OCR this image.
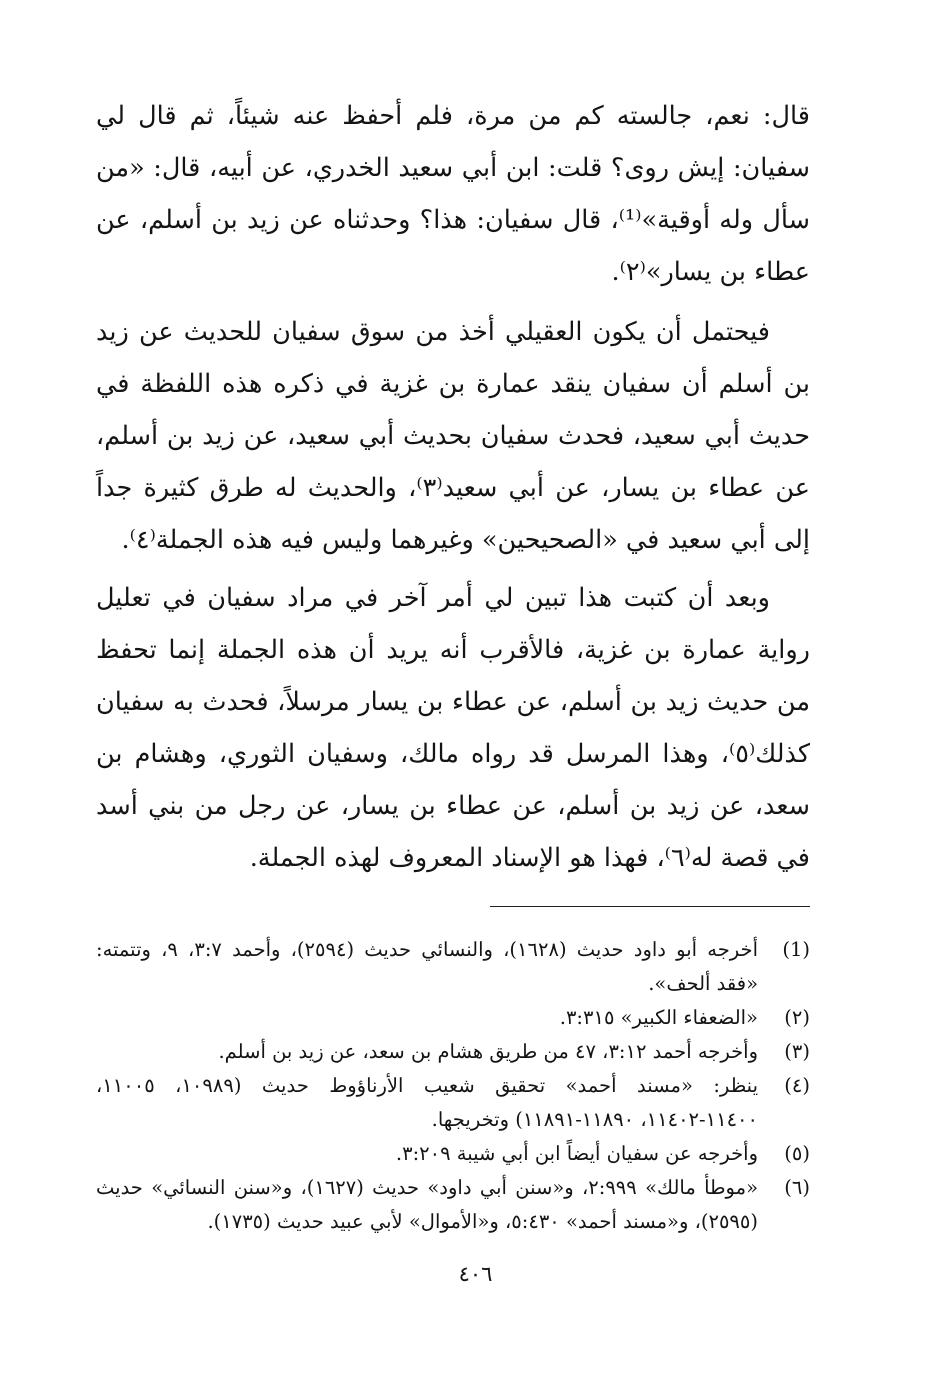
قال: نعم، جالسته كم من مرة، فلم أحفظ عنه شيئاً، ثم قال لي سفيان: إيش روى؟ قلت: ابن أبي سعيد الخدري، عن أبيه، قال: «من سأل وله أوقية»⁽¹⁾، قال سفيان: هذا؟ وحدثناه عن زيد بن أسلم، عن عطاء بن يسار»⁽٢⁾.

فيحتمل أن يكون العقيلي أخذ من سوق سفيان للحديث عن زيد بن أسلم أن سفيان ينقد عمارة بن غزية في ذكره هذه اللفظة في حديث أبي سعيد، فحدث سفيان بحديث أبي سعيد، عن زيد بن أسلم، عن عطاء بن يسار، عن أبي سعيد⁽٣⁾، والحديث له طرق كثيرة جداً إلى أبي سعيد في «الصحيحين» وغيرهما وليس فيه هذه الجملة⁽٤⁾.

وبعد أن كتبت هذا تبين لي أمر آخر في مراد سفيان في تعليل رواية عمارة بن غزية، فالأقرب أنه يريد أن هذه الجملة إنما تحفظ من حديث زيد بن أسلم، عن عطاء بن يسار مرسلاً، فحدث به سفيان كذلك⁽٥⁾، وهذا المرسل قد رواه مالك، وسفيان الثوري، وهشام بن سعد، عن زيد بن أسلم، عن عطاء بن يسار، عن رجل من بني أسد في قصة له⁽٦⁾، فهذا هو الإسناد المعروف لهذه الجملة.

(1)
أخرجه أبو داود حديث (١٦٢٨)، والنسائي حديث (٢٥٩٤)، وأحمد ٣:٧، ٩، وتتمته: «فقد ألحف».
(٢)
«الضعفاء الكبير» ٣:٣١٥.
(٣)
وأخرجه أحمد ٣:١٢، ٤٧ من طريق هشام بن سعد، عن زيد بن أسلم.
(٤)
ينظر: «مسند أحمد» تحقيق شعيب الأرناؤوط حديث (١٠٩٨٩، ١١٠٠٥، ١١٤٠٠-١١٤٠٢، ١١٨٩٠-١١٨٩١) وتخريجها.
(٥)
وأخرجه عن سفيان أيضاً ابن أبي شيبة ٣:٢٠٩.
(٦)
«موطأ مالك» ٢:٩٩٩، و«سنن أبي داود» حديث (١٦٢٧)، و«سنن النسائي» حديث (٢٥٩٥)، و«مسند أحمد» ٥:٤٣٠، و«الأموال» لأبي عبيد حديث (١٧٣٥).
٤٠٦
